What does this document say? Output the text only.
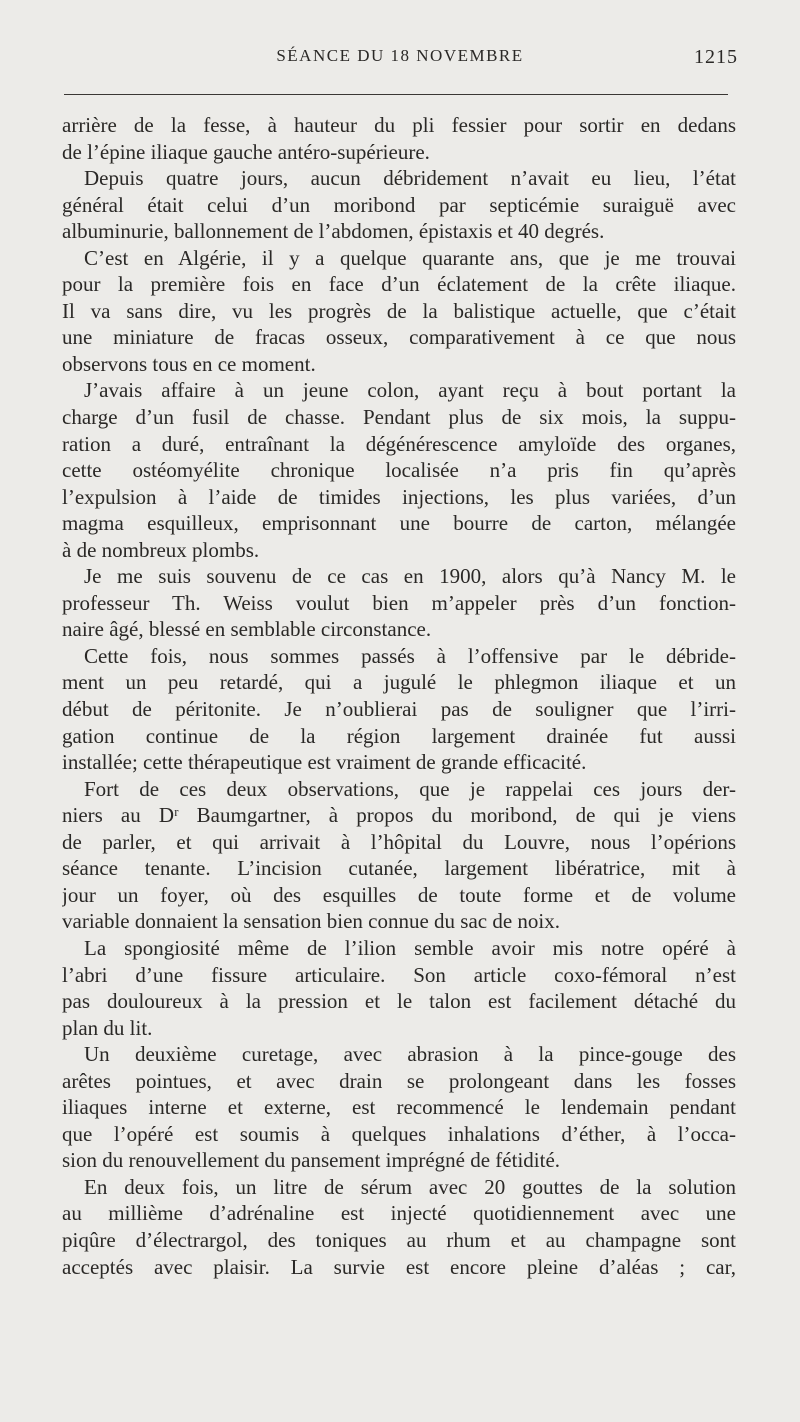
SÉANCE DU 18 NOVEMBRE	1215
arrière de la fesse, à hauteur du pli fessier pour sortir en dedans
de l’épine iliaque gauche antéro-supérieure.
Depuis quatre jours, aucun débridement n’avait eu lieu, l’état
général était celui d’un moribond par septicémie suraiguë avec
albuminurie, ballonnement de l’abdomen, épistaxis et 40 degrés.
C’est en Algérie, il y a quelque quarante ans, que je me trouvai
pour la première fois en face d’un éclatement de la crête iliaque.
Il va sans dire, vu les progrès de la balistique actuelle, que c’était
une miniature de fracas osseux, comparativement à ce que nous
observons tous en ce moment.
J’avais affaire à un jeune colon, ayant reçu à bout portant la
charge d’un fusil de chasse. Pendant plus de six mois, la suppu-
ration a duré, entraînant la dégénérescence amyloïde des organes,
cette ostéomyélite chronique localisée n’a pris fin qu’après
l’expulsion à l’aide de timides injections, les plus variées, d’un
magma esquilleux, emprisonnant une bourre de carton, mélangée
à de nombreux plombs.
Je me suis souvenu de ce cas en 1900, alors qu’à Nancy M. le
professeur Th. Weiss voulut bien m’appeler près d’un fonction-
naire âgé, blessé en semblable circonstance.
Cette fois, nous sommes passés à l’offensive par le débride-
ment un peu retardé, qui a jugulé le phlegmon iliaque et un
début de péritonite. Je n’oublierai pas de souligner que l’irri-
gation continue de la région largement drainée fut aussi
installée; cette thérapeutique est vraiment de grande efficacité.
Fort de ces deux observations, que je rappelai ces jours der-
niers au Dʳ Baumgartner, à propos du moribond, de qui je viens
de parler, et qui arrivait à l’hôpital du Louvre, nous l’opérions
séance tenante. L’incision cutanée, largement libératrice, mit à
jour un foyer, où des esquilles de toute forme et de volume
variable donnaient la sensation bien connue du sac de noix.
La spongiosité même de l’ilion semble avoir mis notre opéré à
l’abri d’une fissure articulaire. Son article coxo-fémoral n’est
pas douloureux à la pression et le talon est facilement détaché du
plan du lit.
Un deuxième curetage, avec abrasion à la pince-gouge des
arêtes pointues, et avec drain se prolongeant dans les fosses
iliaques interne et externe, est recommencé le lendemain pendant
que l’opéré est soumis à quelques inhalations d’éther, à l’occa-
sion du renouvellement du pansement imprégné de fétidité.
En deux fois, un litre de sérum avec 20 gouttes de la solution
au millième d’adrénaline est injecté quotidiennement avec une
piqûre d’électrargol, des toniques au rhum et au champagne sont
acceptés avec plaisir. La survie est encore pleine d’aléas ; car,
